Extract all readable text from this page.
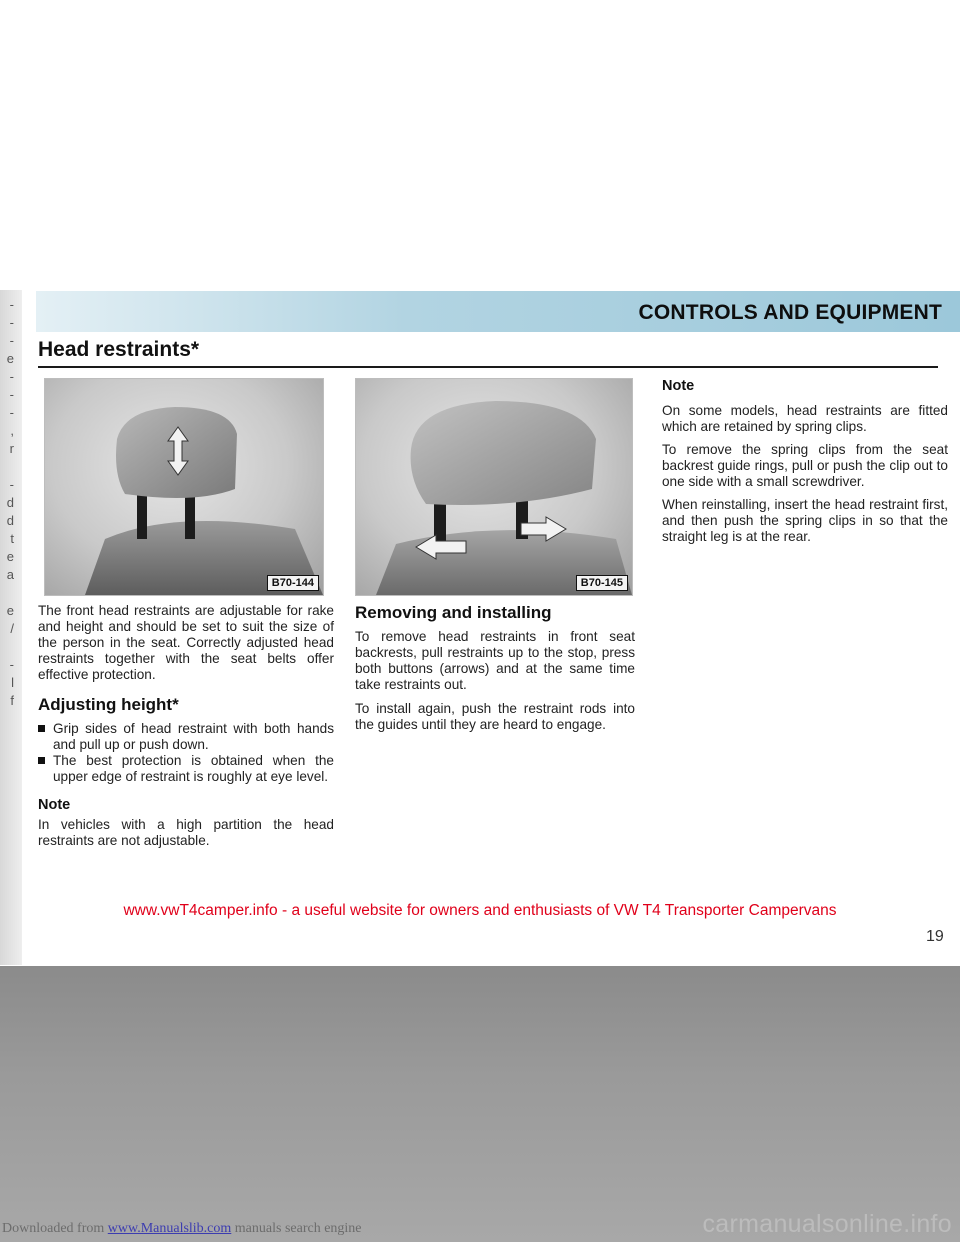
-
-
-
e
-
-
-
,
r

-
d
d
t
e
a

e
/

-
l
f
CONTROLS AND EQUIPMENT
Head restraints*
B70-144	B70-145

The front head restraints are adjustable for rake and height and should be set to suit the size of the person in the seat. Correctly adjusted head restraints together with the seat belts offer effective protection.

Adjusting height*

Grip sides of head restraint with both hands and pull up or push down.

The best protection is obtained when the upper edge of restraint is roughly at eye level.

Note

In vehicles with a high partition the head restraints are not adjustable.

Removing and installing

To remove head restraints in front seat backrests, pull restraints up to the stop, press both buttons (arrows) and at the same time take restraints out.

To install again, push the restraint rods into the guides until they are heard to engage.

Note

On some models, head restraints are fitted which are retained by spring clips.

To remove the spring clips from the seat backrest guide rings, pull or push the clip out to one side with a small screwdriver.

When reinstalling, insert the head restraint first, and then push the spring clips in so that the straight leg is at the rear.

www.vwT4camper.info - a useful website for owners and enthusiasts of VW T4 Transporter Campervans
19
Downloaded from www.Manualslib.com manuals search engine	carmanualsonline.info
